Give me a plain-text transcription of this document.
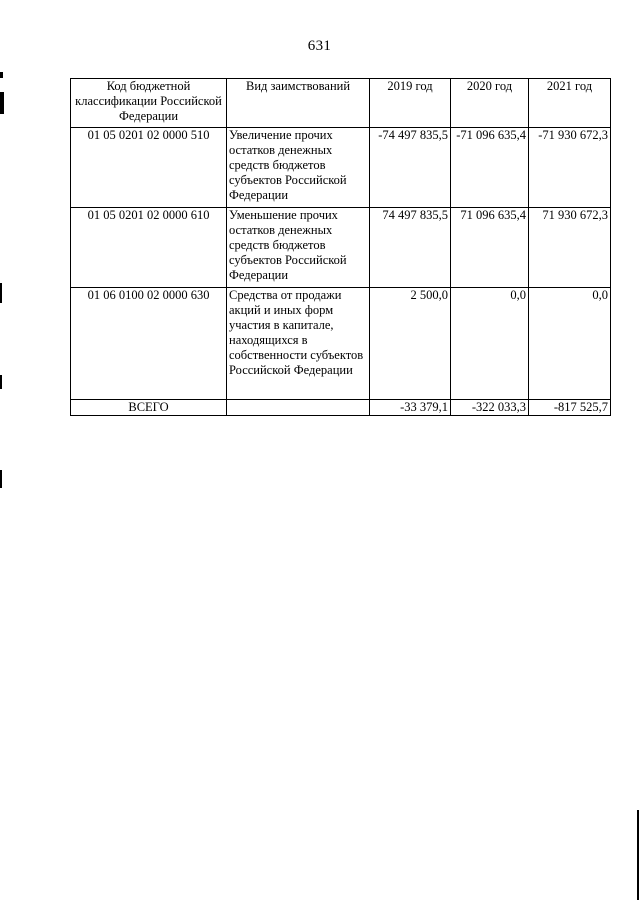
631
Код бюджетной классификации Российской Федерации	Вид заимствований	2019 год	2020 год	2021 год
01 05 0201 02 0000 510	Увеличение прочих остатков денежных средств бюджетов субъектов Российской Федерации	-74 497 835,5	-71 096 635,4	-71 930 672,3
01 05 0201 02 0000 610	Уменьшение прочих остатков денежных средств бюджетов субъектов Российской Федерации	74 497 835,5	71 096 635,4	71 930 672,3
01 06 0100 02 0000 630	Средства от продажи акций и иных форм участия в капитале, находящихся в собственности субъектов Российской Федерации	2 500,0	0,0	0,0
ВСЕГО		-33 379,1	-322 033,3	-817 525,7
